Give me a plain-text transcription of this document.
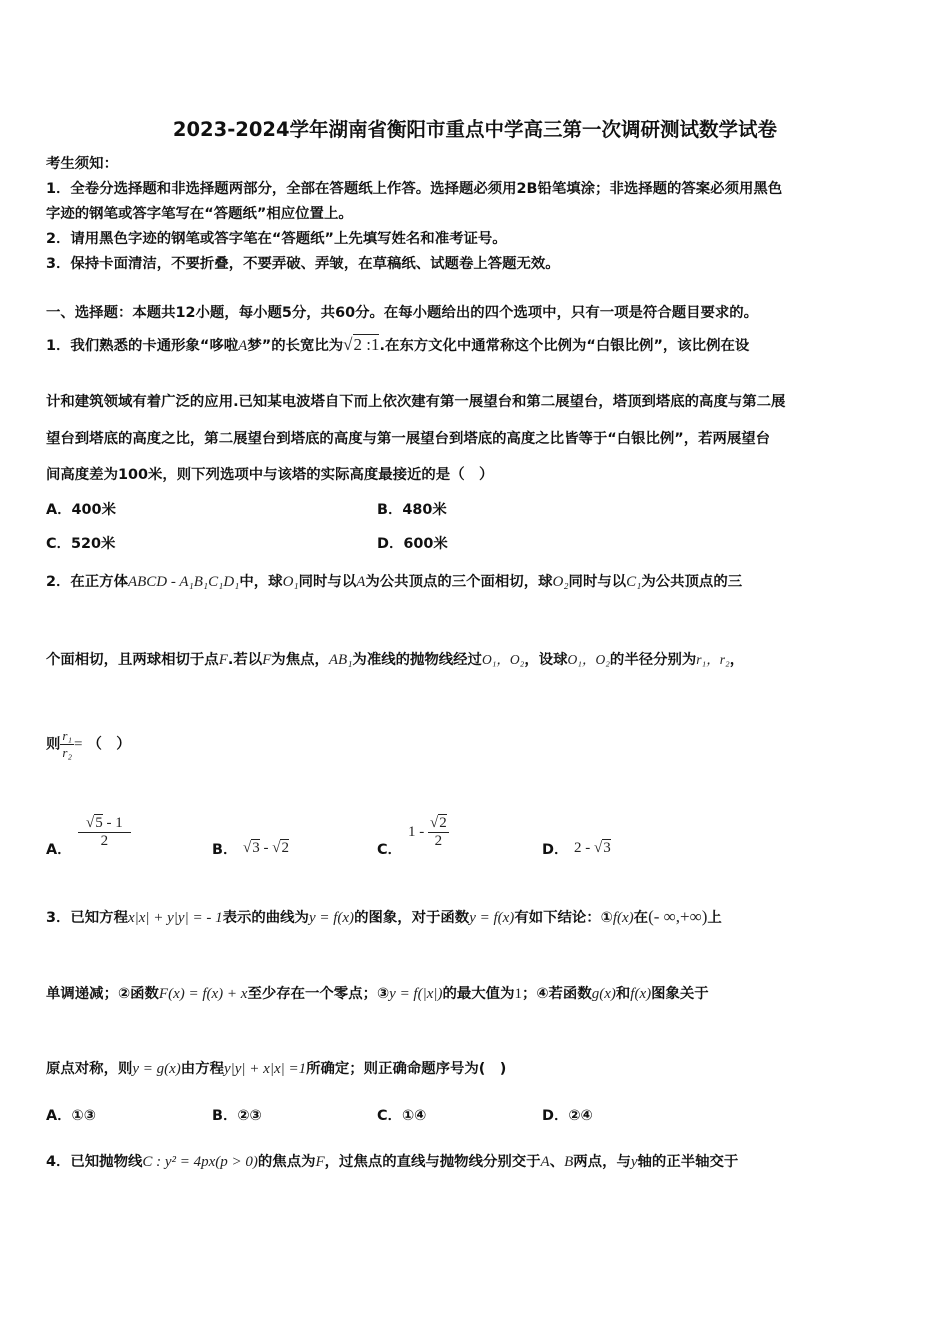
2023-2024学年湖南省衡阳市重点中学高三第一次调研测试数学试卷
考生须知：
1．全卷分选择题和非选择题两部分，全部在答题纸上作答。选择题必须用2B铅笔填涂；非选择题的答案必须用黑色
字迹的钢笔或答字笔写在“答题纸”相应位置上。
2．请用黑色字迹的钢笔或答字笔在“答题纸”上先填写姓名和准考证号。
3．保持卡面清洁，不要折叠，不要弄破、弄皱，在草稿纸、试题卷上答题无效。
一、选择题：本题共12小题，每小题5分，共60分。在每小题给出的四个选项中，只有一项是符合题目要求的。
1．我们熟悉的卡通形象“哆啦A梦”的长宽比为√2 :1.在东方文化中通常称这个比例为“白银比例”，该比例在设
计和建筑领域有着广泛的应用.已知某电波塔自下而上依次建有第一展望台和第二展望台，塔顶到塔底的高度与第二展
望台到塔底的高度之比，第二展望台到塔底的高度与第一展望台到塔底的高度之比皆等于“白银比例”，若两展望台
间高度差为100米，则下列选项中与该塔的实际高度最接近的是（　）
A．400米	B．480米
C．520米	D．600米
2．在正方体ABCD - A₁B₁C₁D₁中，球O₁同时与以A为公共顶点的三个面相切，球O₂同时与以C₁为公共顶点的三
个面相切，且两球相切于点F.若以F为焦点，AB₁为准线的抛物线经过O₁，O₂，设球O₁，O₂的半径分别为r₁，r₂，
则 $\frac{\text{r₁}}{\text{r₂}}$ = （　）
A． $\frac{√5 - 1}{2}$	B． √3 - √2	C．
$1 - \frac{√2}{2}$	D． 2 - √3
3．已知方程x|x| + y|y| = - 1表示的曲线为y = f(x)的图象，对于函数y = f(x)有如下结论：①f(x)在(- ∞,+∞)上
单调递减；②函数F(x) = f(x) + x至少存在一个零点；③y = f(|x|)的最大值为1；④若函数g(x)和f(x)图象关于
原点对称，则y = g(x)由方程y|y| + x|x| =1所确定；则正确命题序号为(　)
A．①③	B．②③	C．①④	D．②④
4．已知抛物线C : y² = 4px(p > 0)的焦点为F，过焦点的直线与抛物线分别交于A、B两点，与y轴的正半轴交于
